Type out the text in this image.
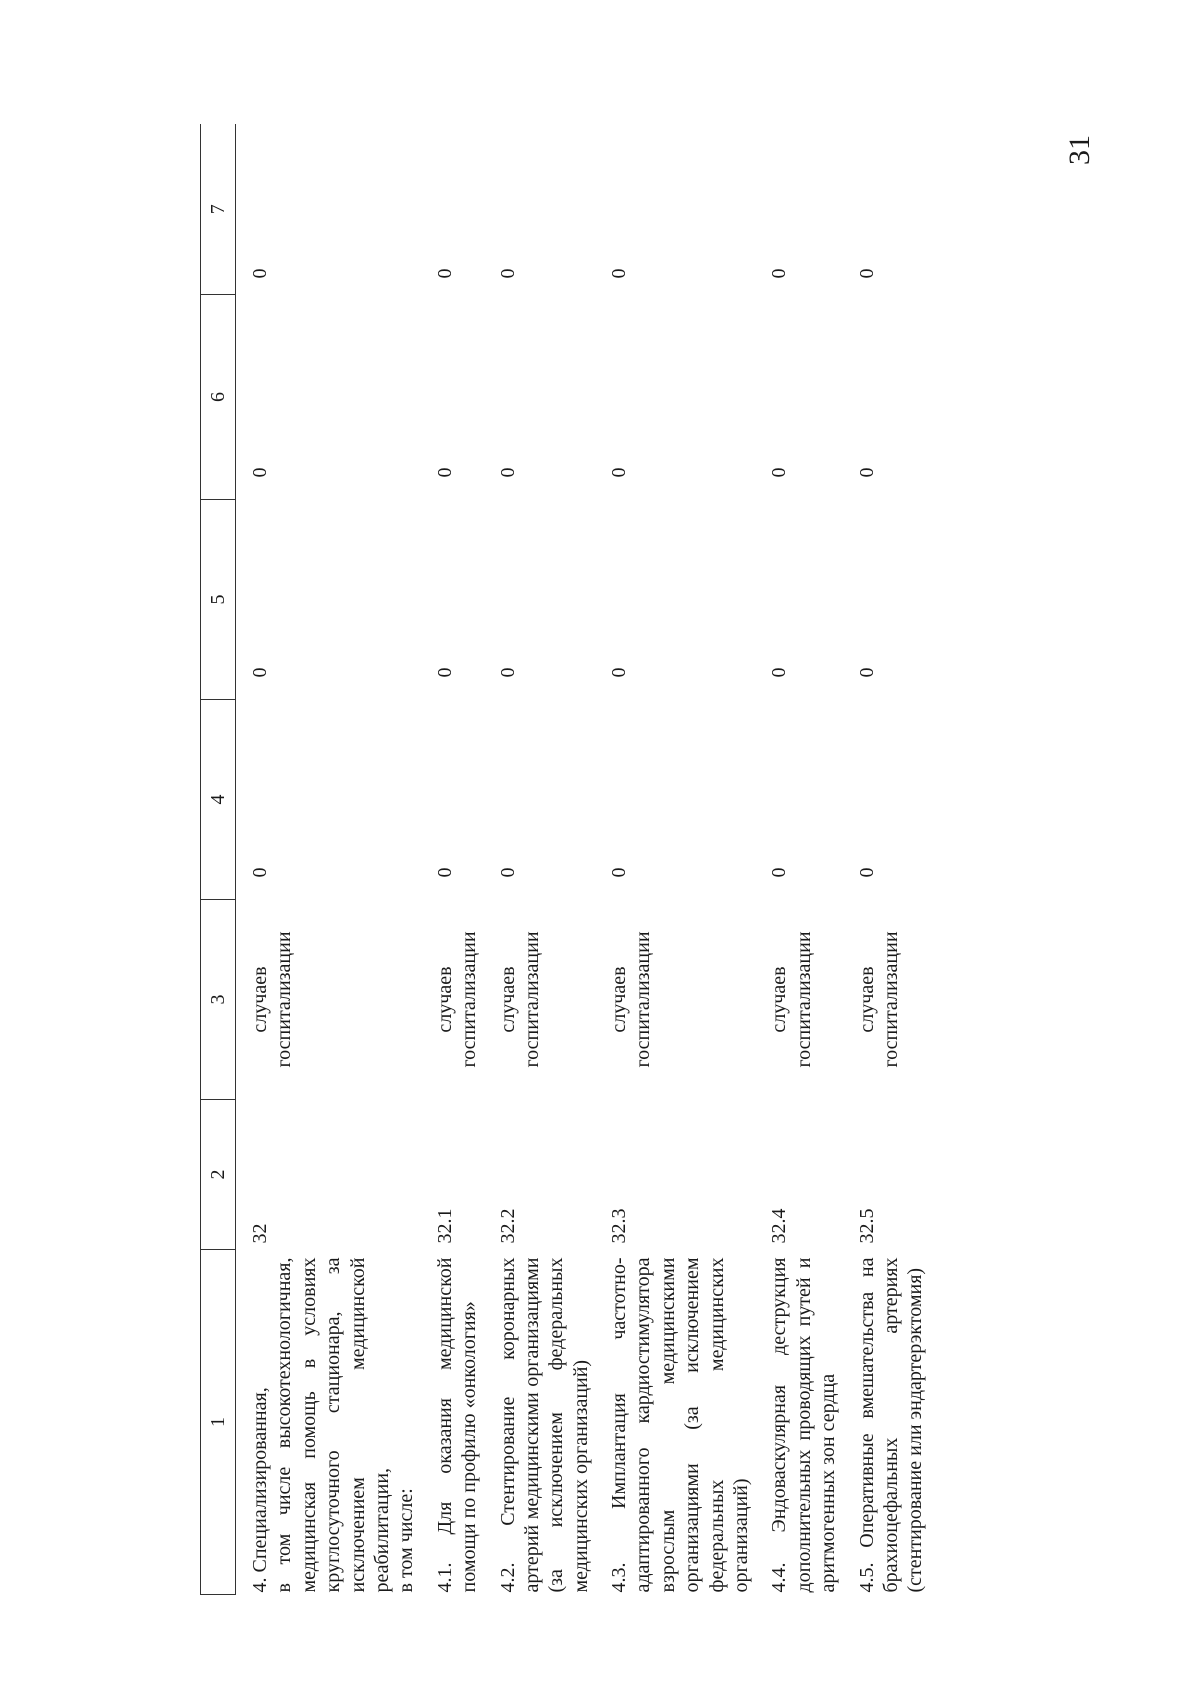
31
1	2	3	4	5	6	7

4. Специализированная, в том числе высокотехнологичная, медицинская помощь в условиях круглосуточного стационара, за исключением медицинской реабилитации, в том числе:	32	случаев госпитализации	0	0	0	0

4.1. Для оказания медицинской помощи по профилю «онкология»	32.1	случаев госпитализации	0	0	0	0

4.2. Стентирование коронарных артерий медицинскими организациями (за исключением федеральных медицинских организаций)	32.2	случаев госпитализации	0	0	0	0

4.3. Имплантация частотно-адаптированного кардиостимулятора взрослым медицинскими организациями (за исключением федеральных медицинских организаций)	32.3	случаев госпитализации	0	0	0	0

4.4. Эндоваскулярная деструкция дополнительных проводящих путей и аритмогенных зон сердца	32.4	случаев госпитализации	0	0	0	0

4.5. Оперативные вмешательства на брахиоцефальных артериях (стентирование или эндартерэктомия)	32.5	случаев госпитализации	0	0	0	0
